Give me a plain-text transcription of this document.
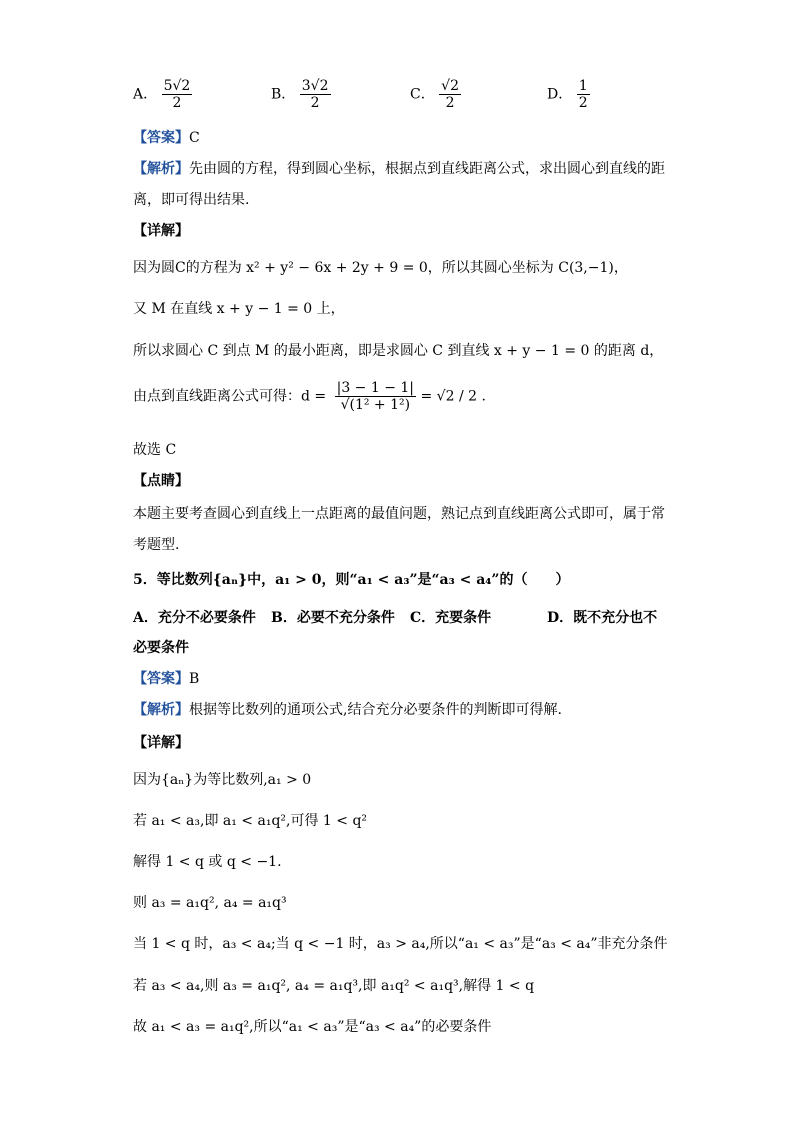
A． $\frac{5√2}{2}$	B． $\frac{3√2}{2}$	C． $\frac{√2}{2}$	D． $\frac{1}{2}$
【答案】C
【解析】先由圆的方程，得到圆心坐标，根据点到直线距离公式，求出圆心到直线的距
离，即可得出结果.
【详解】
因为圆C的方程为 x² + y² − 6x + 2y + 9 = 0，所以其圆心坐标为 C(3,−1)，
又 M 在直线 x + y − 1 = 0 上，
所以求圆心 C 到点 M 的最小距离，即是求圆心 C 到直线 x + y − 1 = 0 的距离 d，
由点到直线距离公式可得：$d = \frac{|3 - 1 - 1|}{\text{√(1² + 1²)}} = √2 / 2$ .
故选 C
【点睛】
本题主要考查圆心到直线上一点距离的最值问题，熟记点到直线距离公式即可，属于常
考题型.
5．等比数列{aₙ}中，a₁ > 0，则“a₁ < a₃”是“a₃ < a₄”的（　　）
A．充分不必要条件 B．必要不充分条件 C．充要条件	D．既不充分也不
必要条件
【答案】B
【解析】根据等比数列的通项公式,结合充分必要条件的判断即可得解.
【详解】
因为{aₙ}为等比数列,a₁ > 0
若 a₁ < a₃,即 a₁ < a₁q²,可得 1 < q²
解得 1 < q 或 q < −1.
则 a₃ = a₁q², a₄ = a₁q³
当 1 < q 时，a₃ < a₄;当 q < −1 时，a₃ > a₄,所以“a₁ < a₃”是“a₃ < a₄”非充分条件
若 a₃ < a₄,则 a₃ = a₁q², a₄ = a₁q³,即 a₁q² < a₁q³,解得 1 < q
故 a₁ < a₃ = a₁q²,所以“a₁ < a₃”是“a₃ < a₄”的必要条件
